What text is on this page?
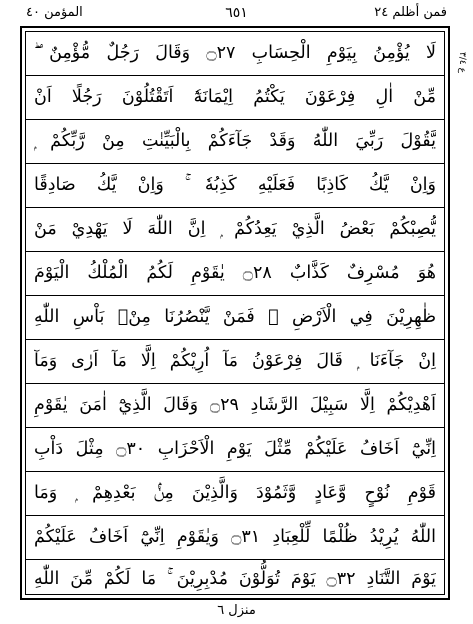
المؤمن ٤٠	٦٥١	فمن أظلم ٢٤
لَا يُؤْمِنُ بِيَوْمِ الْحِسَابِ ۝٢٧ وَقَالَ رَجُلٌ مُّؤْمِنٌ ۖ
مِّنْ اٰلِ فِرْعَوْنَ يَكْتُمُ اِيْمَانَهٗٓ اَتَقْتُلُوْنَ رَجُلًا اَنْ
يَّقُوْلَ رَبِّيَ اللّٰهُ وَقَدْ جَآءَكُمْ بِالْبَيِّنٰتِ مِنْ رَّبِّكُمْ ۭ
وَاِنْ يَّكُ كَاذِبًا فَعَلَيْهِ كَذِبُهٗ ۚ وَاِنْ يَّكُ صَادِقًا
يُّصِبْكُمْ بَعْضُ الَّذِيْ يَعِدُكُمْ ۭ اِنَّ اللّٰهَ لَا يَهْدِيْ مَنْ
هُوَ مُسْرِفٌ كَذَّابٌ ۝٢٨ يٰقَوْمِ لَكُمُ الْمُلْكُ الْيَوْمَ
ظٰهِرِيْنَ فِي الْاَرْضِ ۡ فَمَنْ يَّنْصُرُنَا مِنْۢ بَاْسِ اللّٰهِ
اِنْ جَآءَنَا ۭ قَالَ فِرْعَوْنُ مَآ اُرِيْكُمْ اِلَّا مَآ اَرٰى وَمَآ
اَهْدِيْكُمْ اِلَّا سَبِيْلَ الرَّشَادِ ۝٢٩ وَقَالَ الَّذِيْٓ اٰمَنَ يٰقَوْمِ
اِنِّيْٓ اَخَافُ عَلَيْكُمْ مِّثْلَ يَوْمِ الْاَحْزَابِ ۝٣٠ مِثْلَ دَاْبِ
قَوْمِ نُوْحٍ وَّعَادٍ وَّثَمُوْدَ وَالَّذِيْنَ مِنْۢ بَعْدِهِمْ ۭ وَمَا
اللّٰهُ يُرِيْدُ ظُلْمًا لِّلْعِبَادِ ۝٣١ وَيٰقَوْمِ اِنِّيْٓ اَخَافُ عَلَيْكُمْ
يَوْمَ التَّنَادِ ۝٣٢ يَوْمَ تُوَلُّوْنَ مُدْبِرِيْنَ ۚ مَا لَكُمْ مِّنَ اللّٰهِ
ع ٣/٤
منزل ٦
